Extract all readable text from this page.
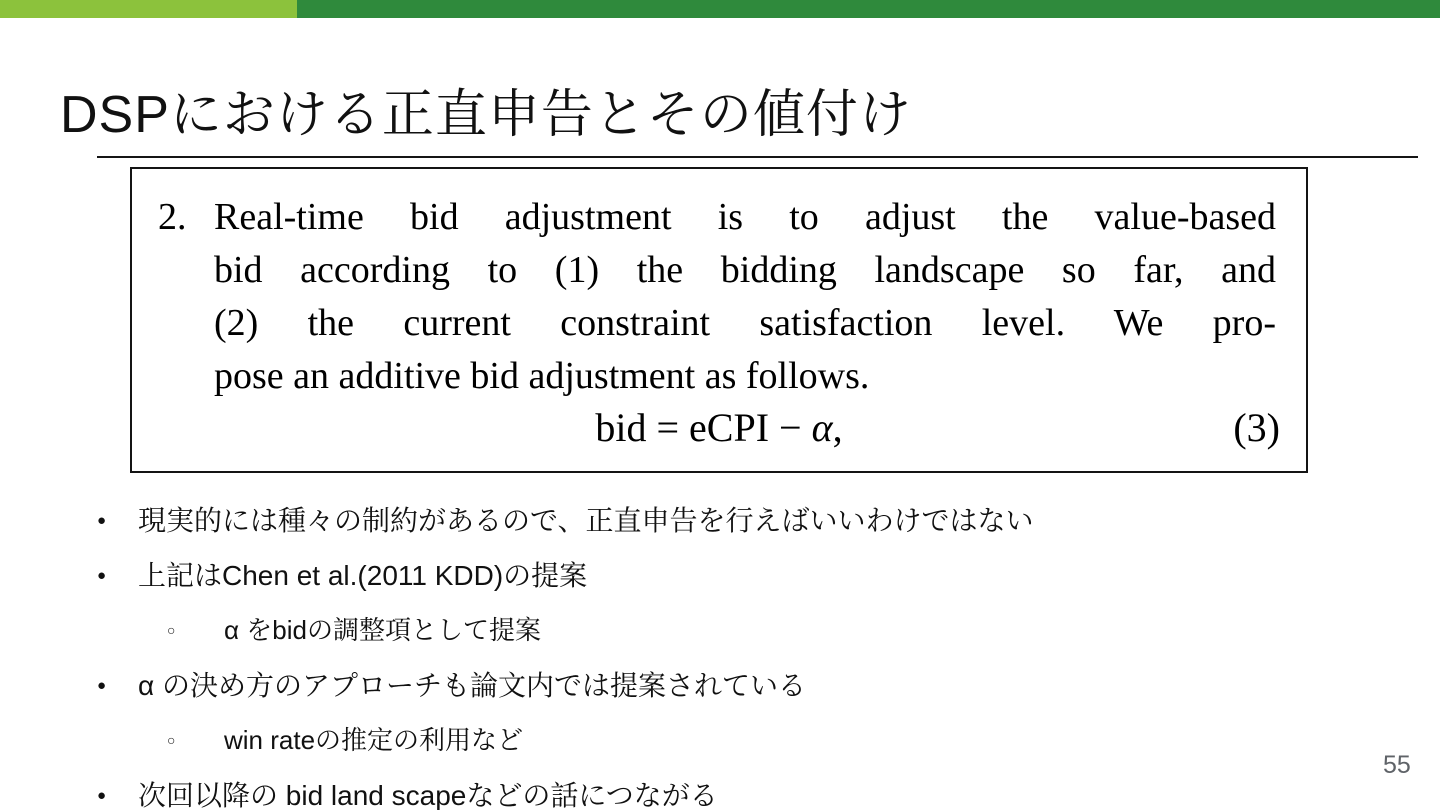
DSPにおける正直申告とその値付け
2. Real-time bid adjustment is to adjust the value-based
bid according to (1) the bidding landscape so far, and
(2) the current constraint satisfaction level. We pro-
pose an additive bid adjustment as follows.
bid = eCPI − α,	(3)
● 現実的には種々の制約があるので、正直申告を行えばいいわけではない
● 上記はChen et al.(2011 KDD)の提案
○ α をbidの調整項として提案
● α の決め方のアプローチも論文内では提案されている
○ win rateの推定の利用など
● 次回以降の bid land scapeなどの話につながる
55
